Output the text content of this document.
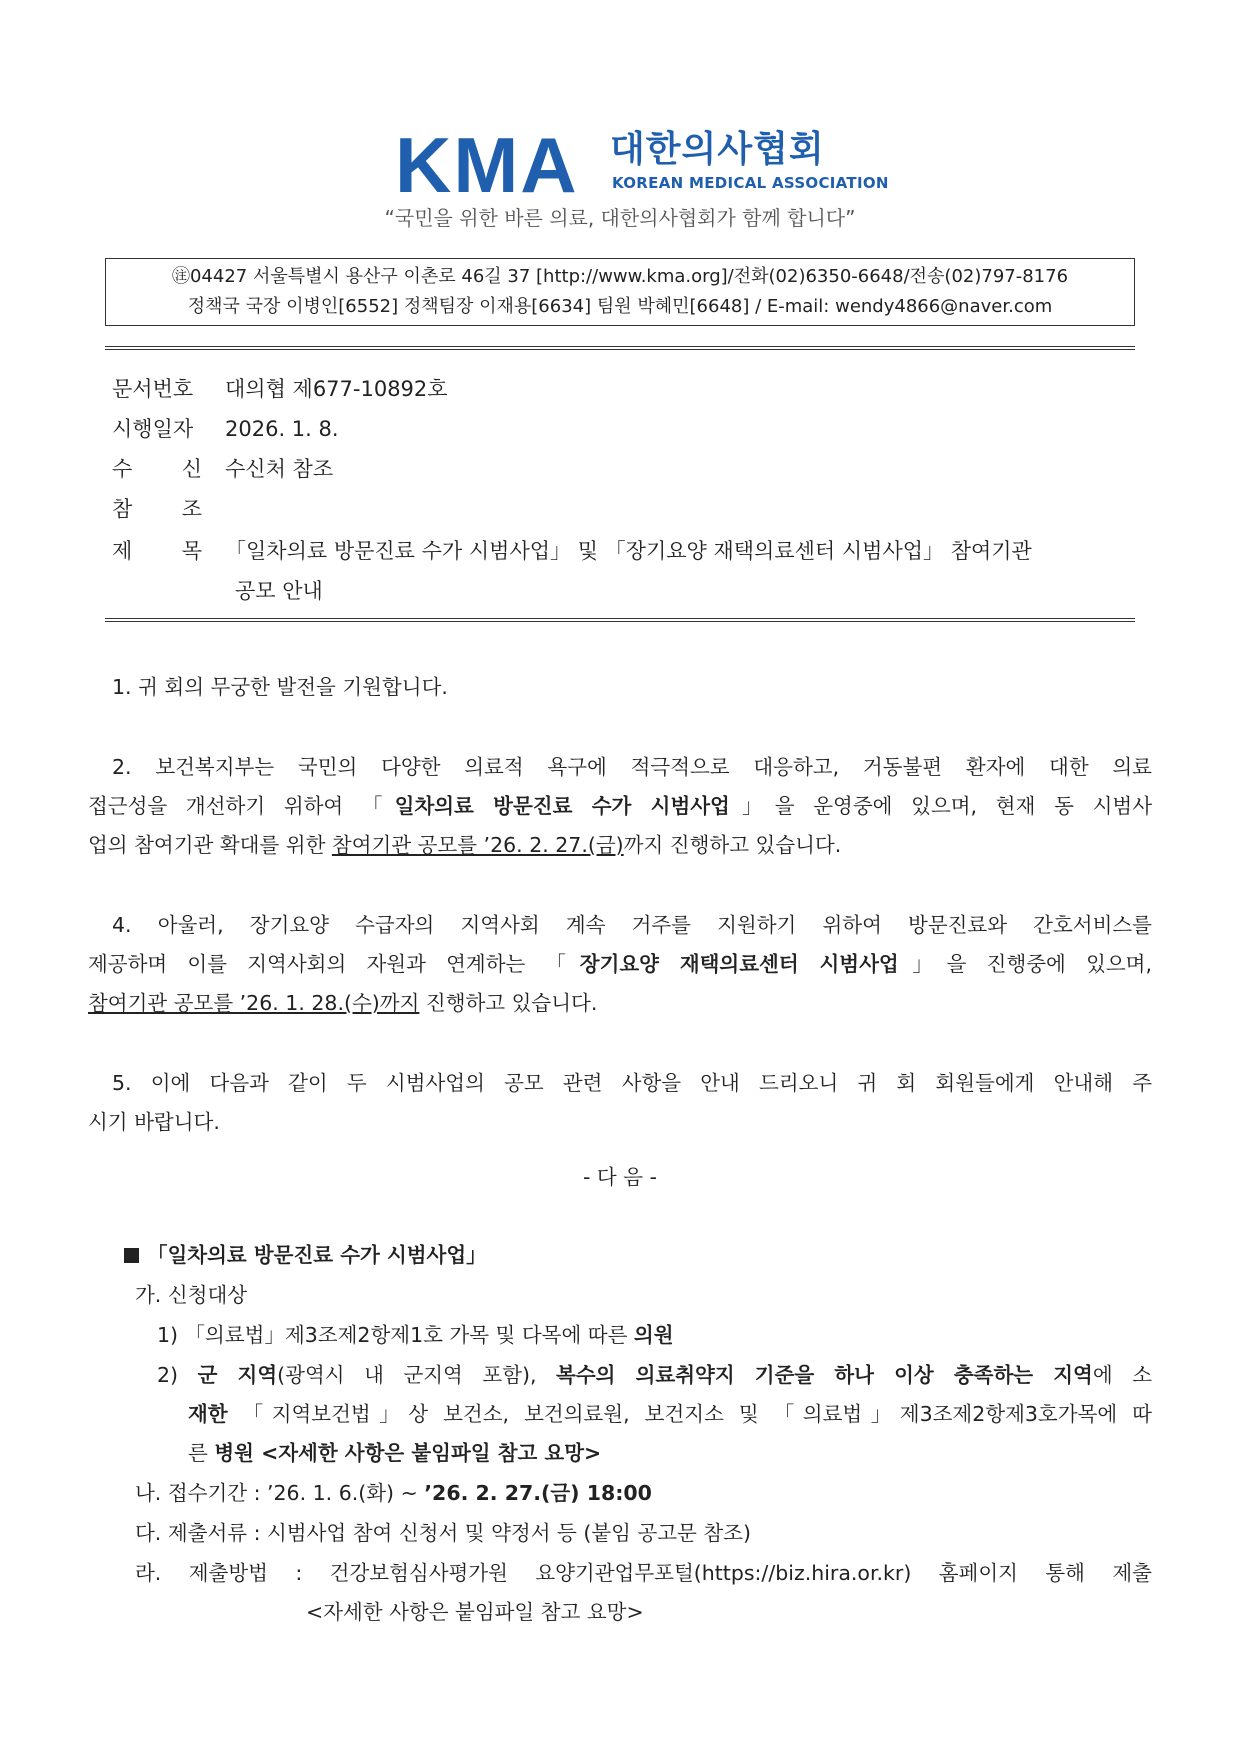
KMA 대한의사협회
KOREAN MEDICAL ASSOCIATION
“국민을 위한 바른 의료, 대한의사협회가 함께 합니다”
㊟04427 서울특별시 용산구 이촌로 46길 37 [http://www.kma.org]/전화(02)6350-6648/전송(02)797-8176
정책국 국장 이병인[6552] 정책팀장 이재용[6634] 팀원 박혜민[6648] / E-mail: wendy4866@naver.com
문서번호 대의협 제677-10892호
시행일자 2026. 1. 8.
수 신 수신처 참조
참 조
제 목 「일차의료 방문진료 수가 시범사업」 및 「장기요양 재택의료센터 시범사업」 참여기관
공모 안내
1. 귀 회의 무궁한 발전을 기원합니다.
2. 보건복지부는 국민의 다양한 의료적 욕구에 적극적으로 대응하고, 거동불편 환자에 대한 의료
접근성을 개선하기 위하여 「일차의료 방문진료 수가 시범사업」을 운영중에 있으며, 현재 동 시범사
업의 참여기관 확대를 위한 참여기관 공모를 ’26. 2. 27.(금)까지 진행하고 있습니다.
4. 아울러, 장기요양 수급자의 지역사회 계속 거주를 지원하기 위하여 방문진료와 간호서비스를
제공하며 이를 지역사회의 자원과 연계하는 「장기요양 재택의료센터 시범사업」을 진행중에 있으며,
참여기관 공모를 ’26. 1. 28.(수)까지 진행하고 있습니다.
5. 이에 다음과 같이 두 시범사업의 공모 관련 사항을 안내 드리오니 귀 회 회원들에게 안내해 주
시기 바랍니다.
- 다 음 -
「일차의료 방문진료 수가 시범사업」
가. 신청대상
1) 「의료법」제3조제2항제1호 가목 및 다목에 따른 의원
2) 군 지역(광역시 내 군지역 포함), 복수의 의료취약지 기준을 하나 이상 충족하는 지역에 소
재한 「지역보건법」상 보건소, 보건의료원, 보건지소 및 「의료법」제3조제2항제3호가목에 따
른 병원 <자세한 사항은 붙임파일 참고 요망>
나. 접수기간 : ’26. 1. 6.(화) ~ ’26. 2. 27.(금) 18:00
다. 제출서류 : 시범사업 참여 신청서 및 약정서 등 (붙임 공고문 참조)
라. 제출방법 : 건강보험심사평가원 요양기관업무포털(https://biz.hira.or.kr) 홈페이지 통해 제출
<자세한 사항은 붙임파일 참고 요망>
